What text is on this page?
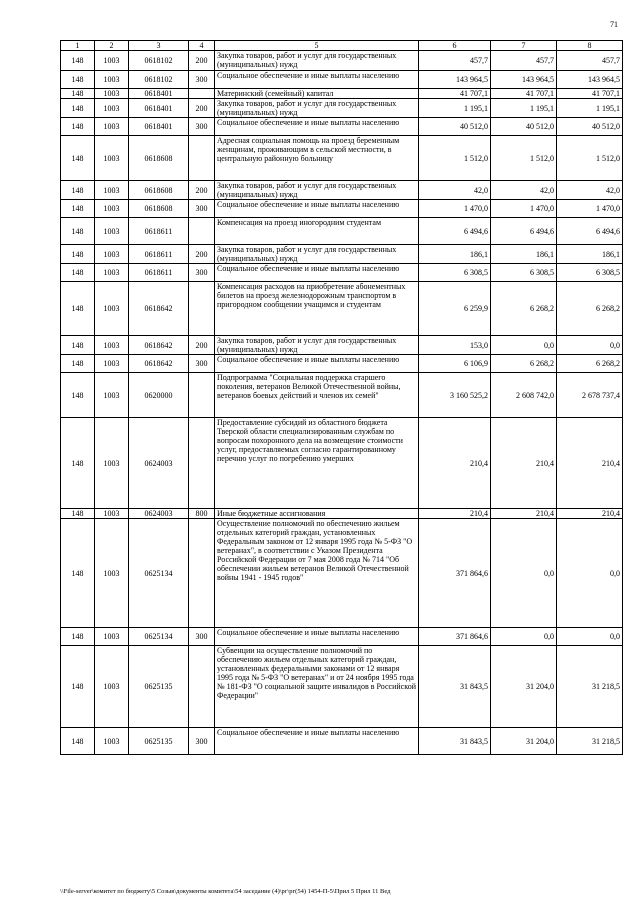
71
1	2	3	4	5	6	7	8
148	1003	0618102	200	Закупка товаров, работ и услуг для государственных (муниципальных) нужд	457,7	457,7	457,7
148	1003	0618102	300	Социальное обеспечение и иные выплаты населению	143 964,5	143 964,5	143 964,5
148	1003	0618401		Материнский (семейный) капитал	41 707,1	41 707,1	41 707,1
148	1003	0618401	200	Закупка товаров, работ и услуг для государственных (муниципальных) нужд	1 195,1	1 195,1	1 195,1
148	1003	0618401	300	Социальное обеспечение и иные выплаты населению	40 512,0	40 512,0	40 512,0
148	1003	0618608		Адресная социальная помощь на проезд беременным женщинам, проживающим в сельской местности, в центральную районную больницу	1 512,0	1 512,0	1 512,0
148	1003	0618608	200	Закупка товаров, работ и услуг для государственных (муниципальных) нужд	42,0	42,0	42,0
148	1003	0618608	300	Социальное обеспечение и иные выплаты населению	1 470,0	1 470,0	1 470,0
148	1003	0618611		Компенсация на проезд иногородним студентам	6 494,6	6 494,6	6 494,6
148	1003	0618611	200	Закупка товаров, работ и услуг для государственных (муниципальных) нужд	186,1	186,1	186,1
148	1003	0618611	300	Социальное обеспечение и иные выплаты населению	6 308,5	6 308,5	6 308,5
148	1003	0618642		Компенсация расходов на приобретение абонементных билетов на проезд железнодорожным транспортом в пригородном сообщении учащимся и студентам	6 259,9	6 268,2	6 268,2
148	1003	0618642	200	Закупка товаров, работ и услуг для государственных (муниципальных) нужд	153,0	0,0	0,0
148	1003	0618642	300	Социальное обеспечение и иные выплаты населению	6 106,9	6 268,2	6 268,2
148	1003	0620000		Подпрограмма "Социальная поддержка старшего поколения, ветеранов Великой Отечественной войны, ветеранов боевых действий и членов их семей"	3 160 525,2	2 608 742,0	2 678 737,4
148	1003	0624003		Предоставление субсидий из областного бюджета Тверской области специализированным службам по вопросам похоронного дела на возмещение стоимости услуг, предоставляемых согласно гарантированному перечню услуг по погребению умерших	210,4	210,4	210,4
148	1003	0624003	800	Иные бюджетные ассигнования	210,4	210,4	210,4
148	1003	0625134		Осуществление полномочий по обеспечению жильем отдельных категорий граждан, установленных Федеральным законом от 12 января 1995 года № 5-ФЗ "О ветеранах", в соответствии с Указом Президента Российской Федерации от 7 мая 2008 года № 714 "Об обеспечении жильем ветеранов Великой Отечественной войны 1941 - 1945 годов"	371 864,6	0,0	0,0
148	1003	0625134	300	Социальное обеспечение и иные выплаты населению	371 864,6	0,0	0,0
148	1003	0625135		Субвенции на осуществление полномочий по обеспечению жильем отдельных категорий граждан, установленных федеральными законами от 12 января 1995 года № 5-ФЗ "О ветеранах" и от 24 ноября 1995 года № 181-ФЗ "О социальной защите инвалидов в Российской Федерации"	31 843,5	31 204,0	31 218,5
148	1003	0625135	300	Социальное обеспечение и иные выплаты населению	31 843,5	31 204,0	31 218,5
\\File-server\комитет по бюджету\5 Созыв\документы комитета\54 заседание (4)\рг\рг(54) 1454-П-5\Прил 5 Прил 11 Вед
